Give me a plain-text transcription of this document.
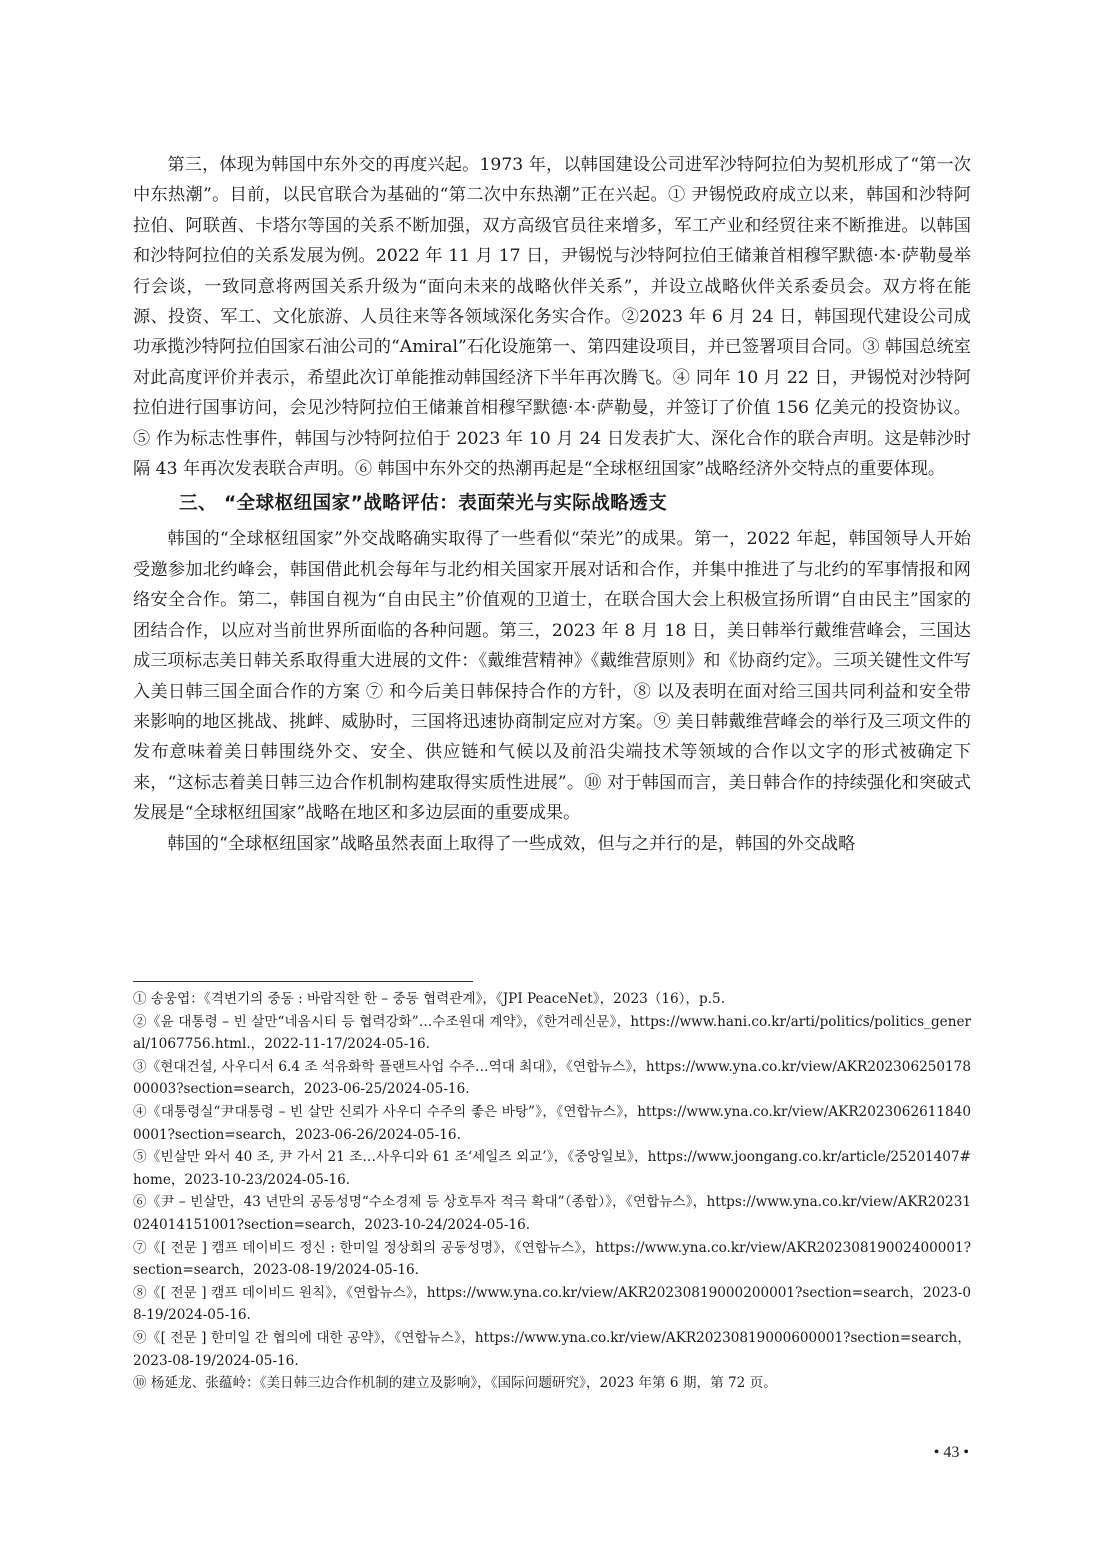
第三，体现为韩国中东外交的再度兴起。1973 年，以韩国建设公司进军沙特阿拉伯为契机形成了“第一次中东热潮”。目前，以民官联合为基础的“第二次中东热潮”正在兴起。① 尹锡悦政府成立以来，韩国和沙特阿拉伯、阿联酋、卡塔尔等国的关系不断加强，双方高级官员往来增多，军工产业和经贸往来不断推进。以韩国和沙特阿拉伯的关系发展为例。2022 年 11 月 17 日，尹锡悦与沙特阿拉伯王储兼首相穆罕默德·本·萨勒曼举行会谈，一致同意将两国关系升级为“面向未来的战略伙伴关系”，并设立战略伙伴关系委员会。双方将在能源、投资、军工、文化旅游、人员往来等各领域深化务实合作。②2023 年 6 月 24 日，韩国现代建设公司成功承揽沙特阿拉伯国家石油公司的“Amiral”石化设施第一、第四建设项目，并已签署项目合同。③ 韩国总统室对此高度评价并表示，希望此次订单能推动韩国经济下半年再次腾飞。④ 同年 10 月 22 日，尹锡悦对沙特阿拉伯进行国事访问，会见沙特阿拉伯王储兼首相穆罕默德·本·萨勒曼，并签订了价值 156 亿美元的投资协议。⑤ 作为标志性事件，韩国与沙特阿拉伯于 2023 年 10 月 24 日发表扩大、深化合作的联合声明。这是韩沙时隔 43 年再次发表联合声明。⑥ 韩国中东外交的热潮再起是“全球枢纽国家”战略经济外交特点的重要体现。

三、 “全球枢纽国家”战略评估：表面荣光与实际战略透支

韩国的“全球枢纽国家”外交战略确实取得了一些看似“荣光”的成果。第一，2022 年起，韩国领导人开始受邀参加北约峰会，韩国借此机会每年与北约相关国家开展对话和合作，并集中推进了与北约的军事情报和网络安全合作。第二，韩国自视为“自由民主”价值观的卫道士，在联合国大会上积极宣扬所谓“自由民主”国家的团结合作，以应对当前世界所面临的各种问题。第三，2023 年 8 月 18 日，美日韩举行戴维营峰会，三国达成三项标志美日韩关系取得重大进展的文件：《戴维营精神》《戴维营原则》和《协商约定》。三项关键性文件写入美日韩三国全面合作的方案 ⑦ 和今后美日韩保持合作的方针，⑧ 以及表明在面对给三国共同利益和安全带来影响的地区挑战、挑衅、威胁时，三国将迅速协商制定应对方案。⑨ 美日韩戴维营峰会的举行及三项文件的发布意味着美日韩围绕外交、安全、供应链和气候以及前沿尖端技术等领域的合作以文字的形式被确定下来，“这标志着美日韩三边合作机制构建取得实质性进展”。⑩ 对于韩国而言，美日韩合作的持续强化和突破式发展是“全球枢纽国家”战略在地区和多边层面的重要成果。

韩国的“全球枢纽国家”战略虽然表面上取得了一些成效，但与之并行的是，韩国的外交战略

① 송웅엽：《격변기의 중동 : 바람직한 한 – 중동 협력관계》，《JPI PeaceNet》，2023（16），p.5.

②《윤 대통령 – 빈 살만“네옴시티 등 협력강화”…수조원대 계약》，《한겨레신문》，https://www.hani.co.kr/arti/politics/politics_general/1067756.html.，2022-11-17/2024-05-16.

③《현대건설, 사우디서 6.4 조 석유화학 플랜트사업 수주…역대 최대》，《연합뉴스》，https://www.yna.co.kr/view/AKR20230625017800003?section=search，2023-06-25/2024-05-16.

④《대통령실“尹대통령 – 빈 살만 신뢰가 사우디 수주의 좋은 바탕”》，《연합뉴스》，https://www.yna.co.kr/view/AKR20230626118400001?section=search，2023-06-26/2024-05-16.

⑤《빈살만 와서 40 조, 尹 가서 21 조…사우디와 61 조‘세일즈 외교’》，《중앙일보》，https://www.joongang.co.kr/article/25201407#home，2023-10-23/2024-05-16.

⑥《尹 – 빈살만，43 년만의 공동성명“수소경제 등 상호투자 적극 확대”（종합）》，《연합뉴스》，https://www.yna.co.kr/view/AKR20231024014151001?section=search，2023-10-24/2024-05-16.

⑦《[ 전문 ] 캠프 데이비드 정신 : 한미일 정상회의 공동성명》，《연합뉴스》，https://www.yna.co.kr/view/AKR20230819002400001?section=search，2023-08-19/2024-05-16.

⑧《[ 전문 ] 캠프 데이비드 원칙》，《연합뉴스》，https://www.yna.co.kr/view/AKR20230819000200001?section=search，2023-08-19/2024-05-16.

⑨《[ 전문 ] 한미일 간 협의에 대한 공약》，《연합뉴스》，https://www.yna.co.kr/view/AKR20230819000600001?section=search，2023-08-19/2024-05-16.

⑩ 杨延龙、张蕴岭：《美日韩三边合作机制的建立及影响》，《国际问题研究》，2023 年第 6 期，第 72 页。

• 43 •
